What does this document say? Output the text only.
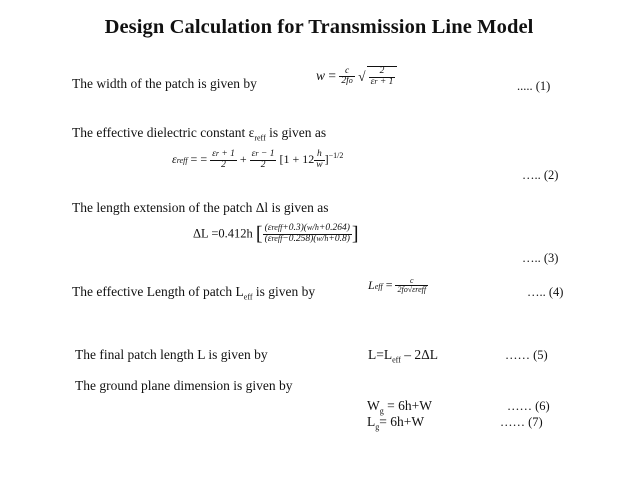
Design Calculation for Transmission Line Model
The width of the patch is given by
$w = \frac{c}{2fo}$ √ $\frac{2}{\varepsilon r + 1}$	..... (1)
The effective dielectric constant $\varepsilon_{reff}$ is given as
εreff = = $\frac{\varepsilon r + 1}{2} + \frac{\varepsilon r - 1}{2} [1 + 12 \frac{h}{w} ]^{-1/2}$
….. (2)
The length extension of the patch Δl is given as
ΔL =0.412h [ $\frac{\text{(εreff+0.3)(w/h+0.264)}}{\text{(εreff−0.258)(w/h+0.8)}}$ ]
….. (3)
The effective Length of patch $L_{eff}$ is given by	Leff = $\frac{c}{\text{2fo√εreff}}$	….. (4)
The final patch length L is given by	$L=L_{eff} - 2\Delta L$	…… (5)
The ground plane dimension is given by
$W_g = 6h+W$	…… (6)
$L_g= 6h+W$	…… (7)
